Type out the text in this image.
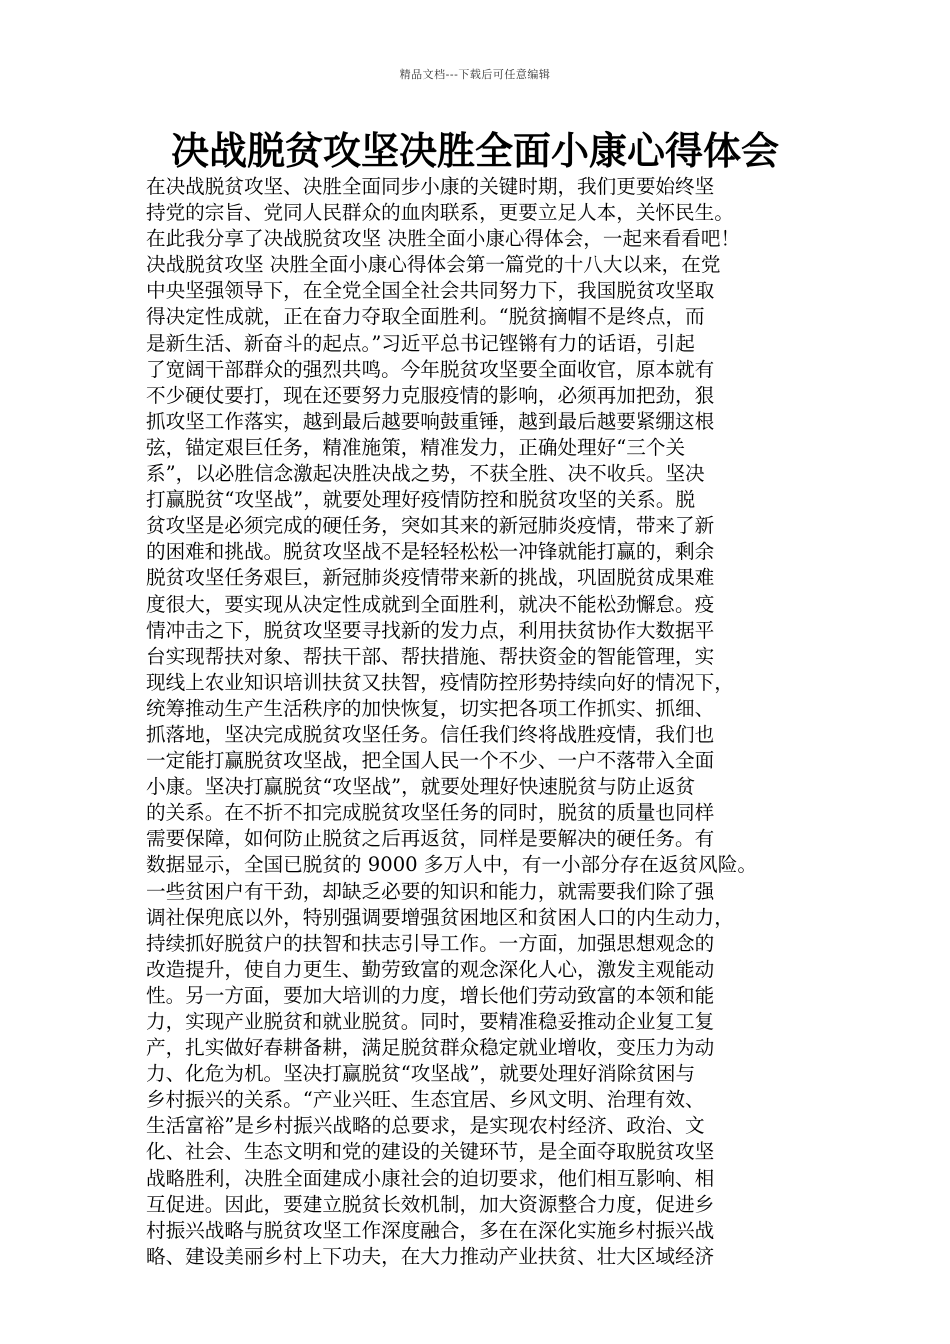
精品文档---下载后可任意编辑
决战脱贫攻坚决胜全面小康心得体会
在决战脱贫攻坚、决胜全面同步小康的关键时期，我们更要始终坚
持党的宗旨、党同人民群众的血肉联系，更要立足人本，关怀民生。
在此我分享了决战脱贫攻坚 决胜全面小康心得体会，一起来看看吧！
决战脱贫攻坚 决胜全面小康心得体会第一篇党的十八大以来，在党
中央坚强领导下，在全党全国全社会共同努力下，我国脱贫攻坚取
得决定性成就，正在奋力夺取全面胜利。“脱贫摘帽不是终点，而
是新生活、新奋斗的起点。”习近平总书记铿锵有力的话语，引起
了宽阔干部群众的强烈共鸣。今年脱贫攻坚要全面收官，原本就有
不少硬仗要打，现在还要努力克服疫情的影响，必须再加把劲，狠
抓攻坚工作落实，越到最后越要响鼓重锤，越到最后越要紧绷这根
弦，锚定艰巨任务，精准施策，精准发力，正确处理好“三个关
系”，以必胜信念激起决胜决战之势，不获全胜、决不收兵。坚决
打赢脱贫“攻坚战”，就要处理好疫情防控和脱贫攻坚的关系。脱
贫攻坚是必须完成的硬任务，突如其来的新冠肺炎疫情，带来了新
的困难和挑战。脱贫攻坚战不是轻轻松松一冲锋就能打赢的，剩余
脱贫攻坚任务艰巨，新冠肺炎疫情带来新的挑战，巩固脱贫成果难
度很大，要实现从决定性成就到全面胜利，就决不能松劲懈怠。疫
情冲击之下，脱贫攻坚要寻找新的发力点，利用扶贫协作大数据平
台实现帮扶对象、帮扶干部、帮扶措施、帮扶资金的智能管理，实
现线上农业知识培训扶贫又扶智，疫情防控形势持续向好的情况下，
统筹推动生产生活秩序的加快恢复，切实把各项工作抓实、抓细、
抓落地，坚决完成脱贫攻坚任务。信任我们终将战胜疫情，我们也
一定能打赢脱贫攻坚战，把全国人民一个不少、一户不落带入全面
小康。坚决打赢脱贫“攻坚战”，就要处理好快速脱贫与防止返贫
的关系。在不折不扣完成脱贫攻坚任务的同时，脱贫的质量也同样
需要保障，如何防止脱贫之后再返贫，同样是要解决的硬任务。有
数据显示，全国已脱贫的 9000 多万人中，有一小部分存在返贫风险。
一些贫困户有干劲，却缺乏必要的知识和能力，就需要我们除了强
调社保兜底以外，特别强调要增强贫困地区和贫困人口的内生动力，
持续抓好脱贫户的扶智和扶志引导工作。一方面，加强思想观念的
改造提升，使自力更生、勤劳致富的观念深化人心，激发主观能动
性。另一方面，要加大培训的力度，增长他们劳动致富的本领和能
力，实现产业脱贫和就业脱贫。同时，要精准稳妥推动企业复工复
产，扎实做好春耕备耕，满足脱贫群众稳定就业增收，变压力为动
力、化危为机。坚决打赢脱贫“攻坚战”，就要处理好消除贫困与
乡村振兴的关系。“产业兴旺、生态宜居、乡风文明、治理有效、
生活富裕”是乡村振兴战略的总要求，是实现农村经济、政治、文
化、社会、生态文明和党的建设的关键环节，是全面夺取脱贫攻坚
战略胜利，决胜全面建成小康社会的迫切要求，他们相互影响、相
互促进。因此，要建立脱贫长效机制，加大资源整合力度，促进乡
村振兴战略与脱贫攻坚工作深度融合，多在在深化实施乡村振兴战
略、建设美丽乡村上下功夫，在大力推动产业扶贫、壮大区域经济
